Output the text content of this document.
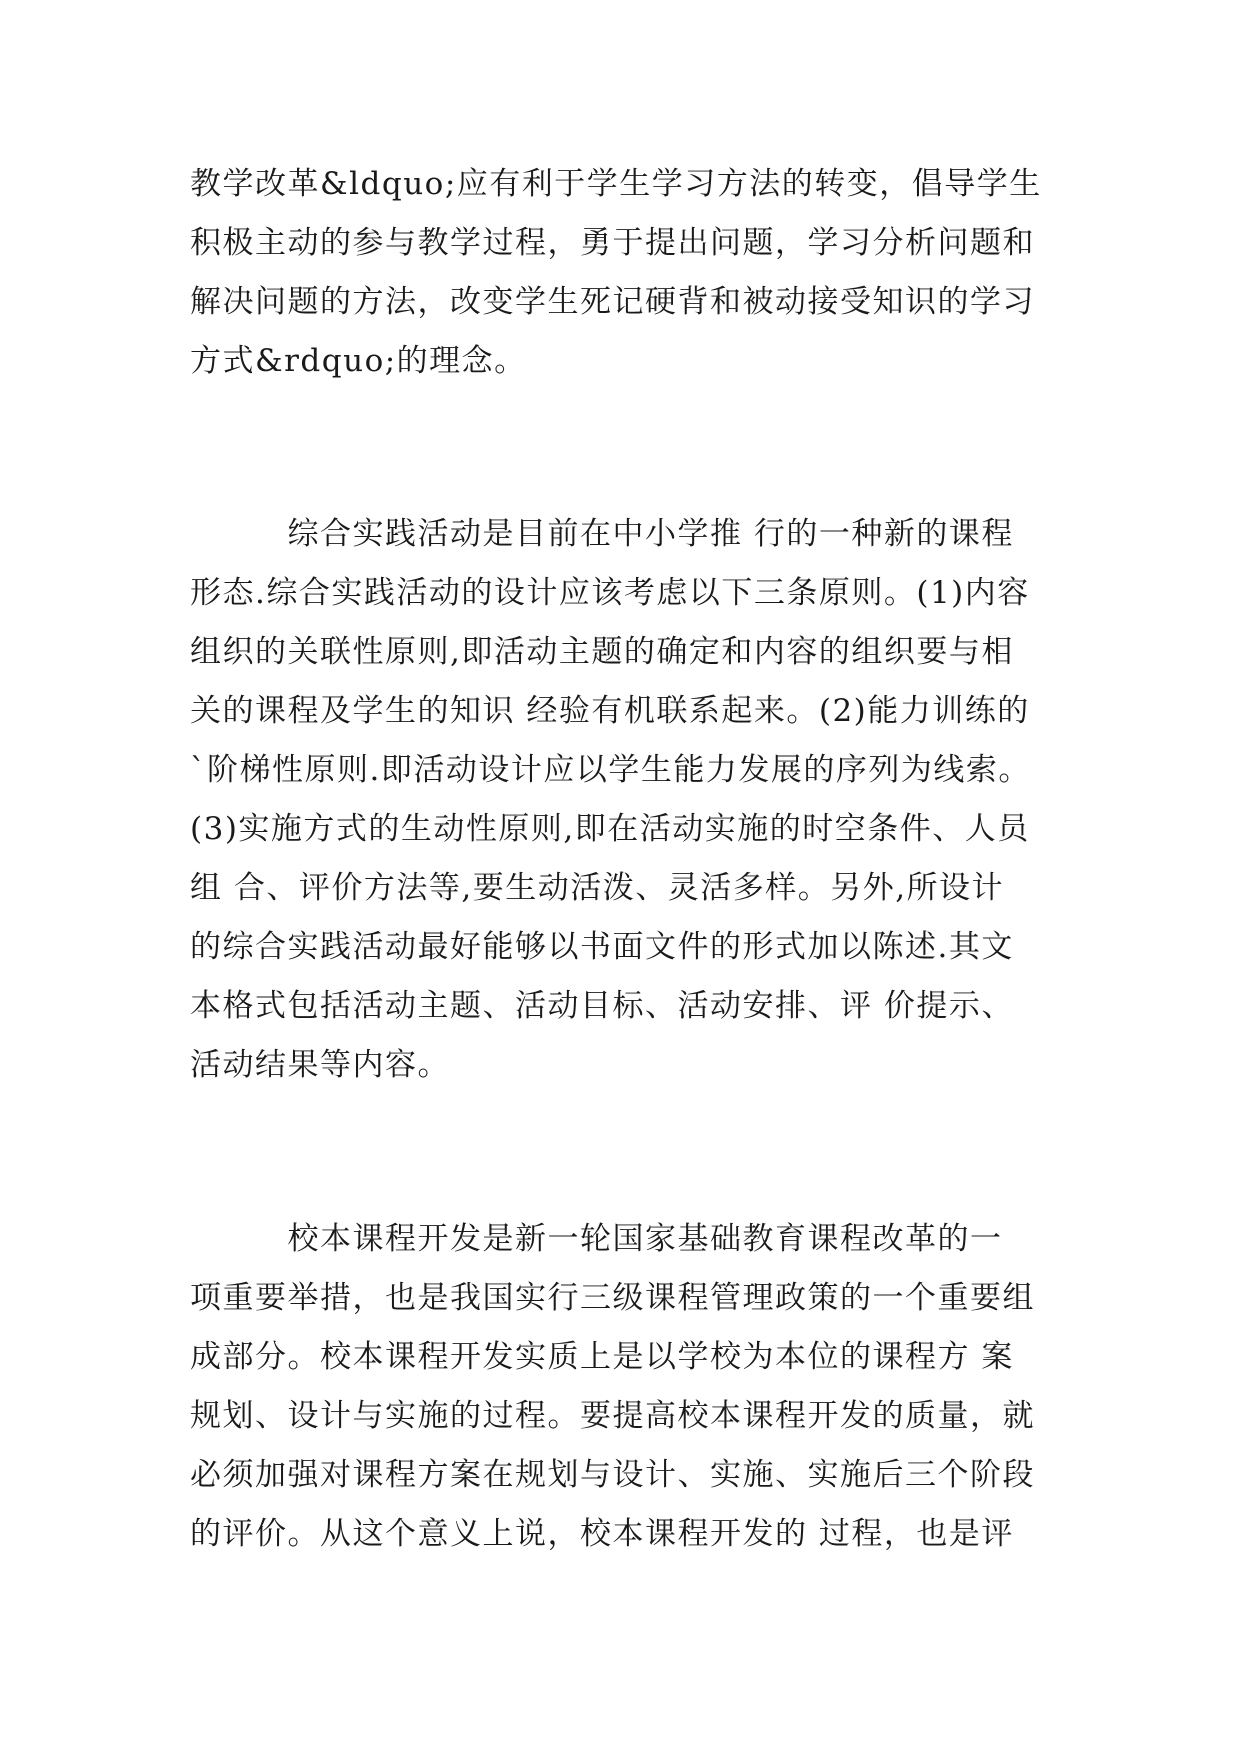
教学改革&ldquo;应有利于学生学习方法的转变，倡导学生
积极主动的参与教学过程，勇于提出问题，学习分析问题和
解决问题的方法，改变学生死记硬背和被动接受知识的学习
方式&rdquo;的理念。
　　　综合实践活动是目前在中小学推 行的一种新的课程
形态.综合实践活动的设计应该考虑以下三条原则。(1)内容
组织的关联性原则,即活动主题的确定和内容的组织要与相
关的课程及学生的知识 经验有机联系起来。(2)能力训练的
`阶梯性原则.即活动设计应以学生能力发展的序列为线索。
(3)实施方式的生动性原则,即在活动实施的时空条件、人员
组 合、评价方法等,要生动活泼、灵活多样。另外,所设计
的综合实践活动最好能够以书面文件的形式加以陈述.其文
本格式包括活动主题、活动目标、活动安排、评 价提示、
活动结果等内容。
　　　校本课程开发是新一轮国家基础教育课程改革的一
项重要举措，也是我国实行三级课程管理政策的一个重要组
成部分。校本课程开发实质上是以学校为本位的课程方 案
规划、设计与实施的过程。要提高校本课程开发的质量，就
必须加强对课程方案在规划与设计、实施、实施后三个阶段
的评价。从这个意义上说，校本课程开发的 过程，也是评
